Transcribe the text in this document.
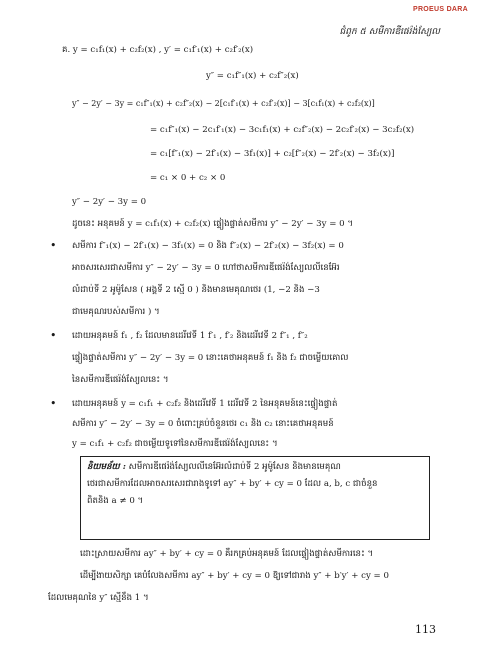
PROEUS DARA
ជំពូក ៥ សមីការឌីផេរ៉ង់ស្យែល
គ. y = c₁f₁(x) + c₂f₂(x) , y′ = c₁f′₁(x) + c₂f′₂(x)
y″ = c₁f″₁(x) + c₂f″₂(x)
y″ − 2y′ − 3y = c₁f″₁(x) + c₂f″₂(x) − 2[c₁f′₁(x) + c₂f′₂(x)] − 3[c₁f₁(x) + c₂f₂(x)]
= c₁f″₁(x) − 2c₁f′₁(x) − 3c₁f₁(x) + c₂f″₂(x) − 2c₂f′₂(x) − 3c₂f₂(x)
= c₁[f″₁(x) − 2f′₁(x) − 3f₁(x)] + c₂[f″₂(x) − 2f′₂(x) − 3f₂(x)]
= c₁ × 0 + c₂ × 0
y″ − 2y′ − 3y = 0
ដូចនេះ អនុគមន៍ y = c₁f₁(x) + c₂f₂(x) ផ្ទៀងផ្ទាត់សមីការ y″ − 2y′ − 3y = 0 ។
• សមីការ f″₁(x) − 2f′₁(x) − 3f₁(x) = 0 និង f″₂(x) − 2f′₂(x) − 3f₂(x) = 0
អាចសរសេរជាសមីការ y″ − 2y′ − 3y = 0 ហៅថាសមីការឌីផេរ៉ង់ស្យែលលីនេអ៊ែរ
លំដាប់ទី 2 អូម៉ូសែន ( អង្គទី 2 ស្មើ 0 ) និងមានមេគុណថេរ (1, −2 និង −3
ជាមេគុណរបស់សមីការ ) ។
• ដោយអនុគមន៍ f₁ , f₂ ដែលមានដេរីវេទី 1 f′₁ , f′₂ និងដេរីវេទី 2 f″₁ , f″₂
ផ្ទៀងផ្ទាត់សមីការ y″ − 2y′ − 3y = 0 នោះគេថាអនុគមន៍ f₁ និង f₂ ជាចម្លើយគោល
នៃសមីការឌីផេរ៉ង់ស្យែលនេះ ។
• ដោយអនុគមន៍ y = c₁f₁ + c₂f₂ និងដេរីវេទី 1 ដេរីវេទី 2 នៃអនុគមន៍នេះផ្ទៀងផ្ទាត់
សមីការ y″ − 2y′ − 3y = 0 ចំពោះគ្រប់ចំនួនថេរ c₁ និង c₂ នោះគេថាអនុគមន៍
y = c₁f₁ + c₂f₂ ជាចម្លើយទូទៅនៃសមីការឌីផេរ៉ង់ស្យែលនេះ ។
និយមន័យ : សមីការឌីផេរ៉ង់ស្យែលលីនេអ៊ែរលំដាប់ទី 2 អូម៉ូសែន និងមានមេគុណ
ថេរជាសមីការដែលអាចសរសេរជារាងទូទៅ ay″ + by′ + cy = 0 ដែល a, b, c ជាចំនួន
ពិតនិង a ≠ 0 ។
ដោះស្រាយសមីការ ay″ + by′ + cy = 0 គឺរកគ្រប់អនុគមន៍ ដែលផ្ទៀងផ្ទាត់សមីការនេះ ។
ដើម្បីងាយសិក្សា គេបំលែងសមីការ ay″ + by′ + cy = 0 ឱ្យទៅជារាង y″ + b′y′ + cy = 0
ដែលមេគុណនៃ y″ ស្មើនឹង 1 ។
113
